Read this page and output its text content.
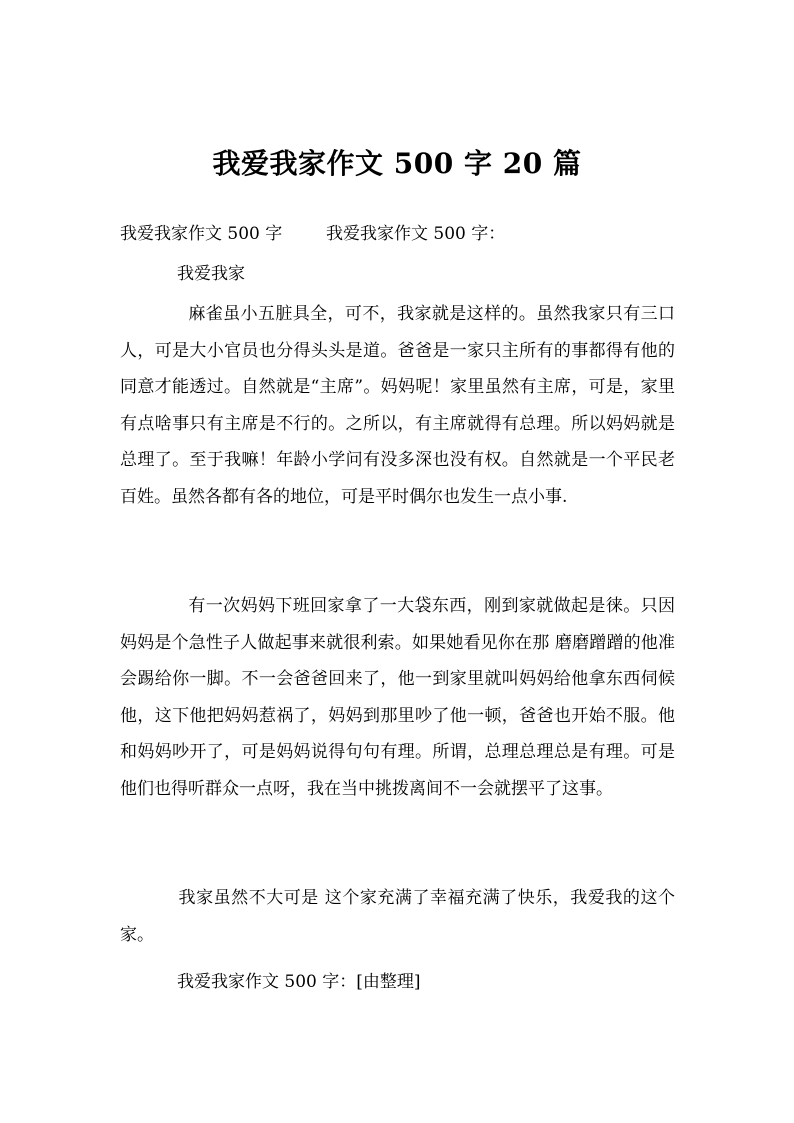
我爱我家作文 500 字 20 篇
我爱我家作文 500 字	我爱我家作文 500 字：
我爱我家
麻雀虽小五脏具全，可不，我家就是这样的。虽然我家只有三口人，可是大小官员也分得头头是道。爸爸是一家只主所有的事都得有他的同意才能透过。自然就是“主席”。妈妈呢！家里虽然有主席，可是，家里有点啥事只有主席是不行的。之所以，有主席就得有总理。所以妈妈就是总理了。至于我嘛！年龄小学问有没多深也没有权。自然就是一个平民老百姓。虽然各都有各的地位，可是平时偶尔也发生一点小事.
有一次妈妈下班回家拿了一大袋东西，刚到家就做起是徕。只因妈妈是个急性子人做起事来就很利索。如果她看见你在那 磨磨蹭蹭的他准会踢给你一脚。不一会爸爸回来了，他一到家里就叫妈妈给他拿东西伺候他，这下他把妈妈惹祸了，妈妈到那里吵了他一顿，爸爸也开始不服。他和妈妈吵开了，可是妈妈说得句句有理。所谓，总理总理总是有理。可是他们也得听群众一点呀，我在当中挑拨离间不一会就摆平了这事。
我家虽然不大可是 这个家充满了幸福充满了快乐，我爱我的这个家。
我爱我家作文 500 字：[由整理]
